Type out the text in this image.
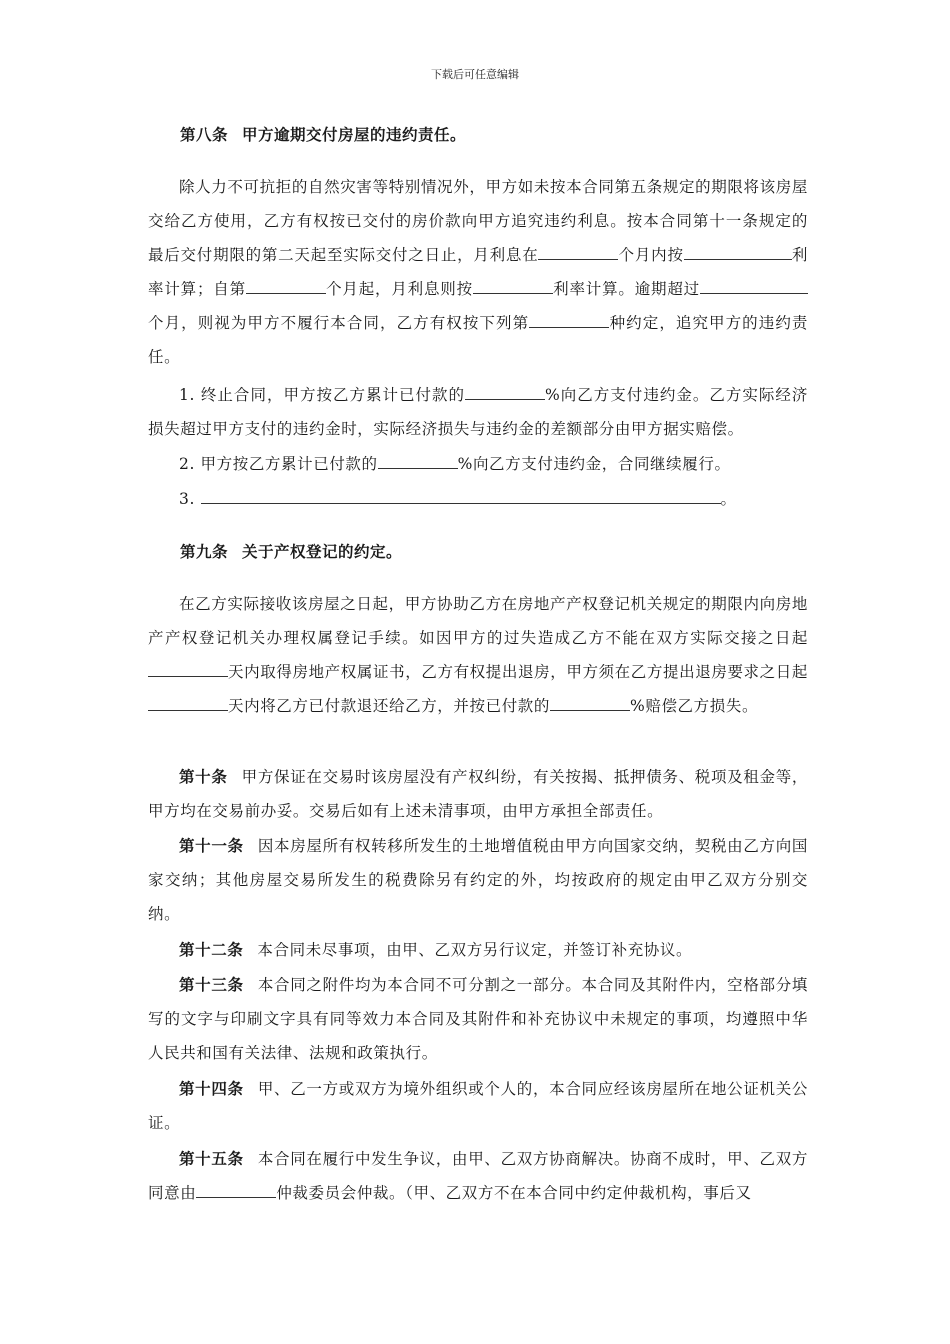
下载后可任意编辑
第八条 甲方逾期交付房屋的违约责任。
除人力不可抗拒的自然灾害等特别情况外，甲方如未按本合同第五条规定的期限将该房屋交给乙方使用，乙方有权按已交付的房价款向甲方追究违约利息。按本合同第十一条规定的最后交付期限的第二天起至实际交付之日止，月利息在	个月内按	利率计算；自第	个月起，月利息则按	利率计算。逾期超过个月，则视为甲方不履行本合同，乙方有权按下列第	种约定，追究甲方的违约责任。
1. 终止合同，甲方按乙方累计已付款的	%向乙方支付违约金。乙方实际经济损失超过甲方支付的违约金时，实际经济损失与违约金的差额部分由甲方据实赔偿。
2. 甲方按乙方累计已付款的	%向乙方支付违约金，合同继续履行。
3.	。
第九条 关于产权登记的约定。
在乙方实际接收该房屋之日起，甲方协助乙方在房地产产权登记机关规定的期限内向房地产产权登记机关办理权属登记手续。如因甲方的过失造成乙方不能在双方实际交接之日起天内取得房地产权属证书，乙方有权提出退房，甲方须在乙方提出退房要求之日起天内将乙方已付款退还给乙方，并按已付款的	%赔偿乙方损失。
第十条 甲方保证在交易时该房屋没有产权纠纷，有关按揭、抵押债务、税项及租金等，甲方均在交易前办妥。交易后如有上述未清事项，由甲方承担全部责任。
第十一条 因本房屋所有权转移所发生的土地增值税由甲方向国家交纳，契税由乙方向国家交纳；其他房屋交易所发生的税费除另有约定的外，均按政府的规定由甲乙双方分别交纳。
第十二条 本合同未尽事项，由甲、乙双方另行议定，并签订补充协议。
第十三条 本合同之附件均为本合同不可分割之一部分。本合同及其附件内，空格部分填写的文字与印刷文字具有同等效力本合同及其附件和补充协议中未规定的事项，均遵照中华人民共和国有关法律、法规和政策执行。
第十四条 甲、乙一方或双方为境外组织或个人的，本合同应经该房屋所在地公证机关公证。
第十五条 本合同在履行中发生争议，由甲、乙双方协商解决。协商不成时，甲、乙双方同意由	仲裁委员会仲裁。（甲、乙双方不在本合同中约定仲裁机构，事后又
